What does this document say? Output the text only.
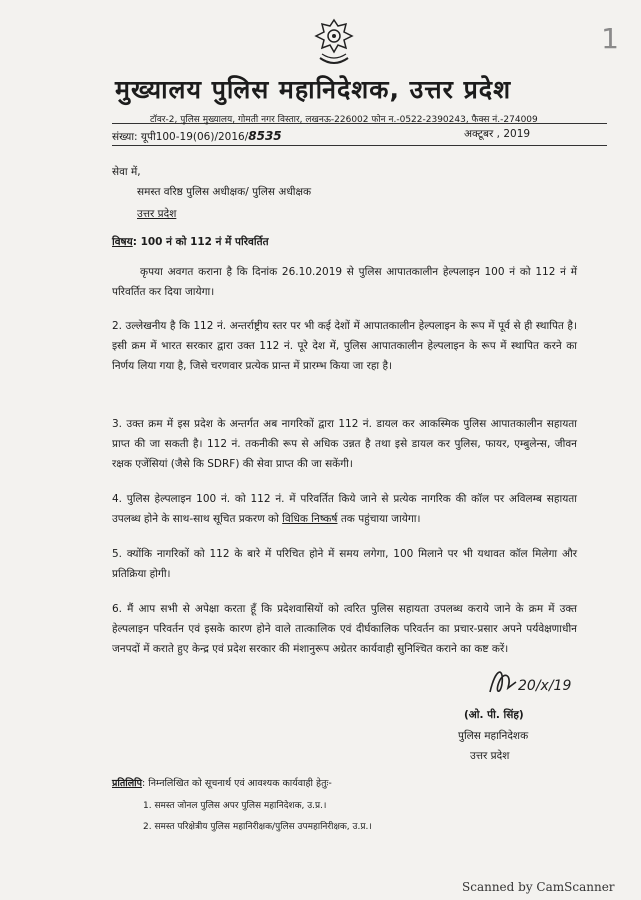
1
मुख्यालय पुलिस महानिदेशक, उत्तर प्रदेश
टॉवर-2, पुलिस मुख्यालय, गोमती नगर विस्तार, लखनऊ-226002 फोन न.-0522-2390243, फैक्स नं.-274009
संख्या: यूपी100-19(06)/2016/8535	अक्टूबर , 2019
सेवा में,
समस्त वरिष्ठ पुलिस अधीक्षक/ पुलिस अधीक्षक
उत्तर प्रदेश
विषय: 100 नं को 112 नं में परिवर्तित
कृपया अवगत कराना है कि दिनांक 26.10.2019 से पुलिस आपातकालीन हेल्पलाइन 100 नं को 112 नं में परिवर्तित कर दिया जायेगा।
2. उल्लेखनीय है कि 112 नं. अन्तर्राष्ट्रीय स्तर पर भी कई देशों में आपातकालीन हेल्पलाइन के रूप में पूर्व से ही स्थापित है। इसी क्रम में भारत सरकार द्वारा उक्त 112 नं. पूरे देश में, पुलिस आपातकालीन हेल्पलाइन के रूप में स्थापित करने का निर्णय लिया गया है, जिसे चरणवार प्रत्येक प्रान्त में प्रारम्भ किया जा रहा है।
3. उक्त क्रम में इस प्रदेश के अन्तर्गत अब नागरिकों द्वारा 112 नं. डायल कर आकस्मिक पुलिस आपातकालीन सहायता प्राप्त की जा सकती है। 112 नं. तकनीकी रूप से अधिक उन्नत है तथा इसे डायल कर पुलिस, फायर, एम्बुलेन्स, जीवन रक्षक एजेंसियां (जैसे कि SDRF) की सेवा प्राप्त की जा सकेंगी।
4. पुलिस हेल्पलाइन 100 नं. को 112 नं. में परिवर्तित किये जाने से प्रत्येक नागरिक की कॉल पर अविलम्ब सहायता उपलब्ध होने के साथ-साथ सूचित प्रकरण को विधिक निष्कर्ष तक पहुंचाया जायेगा।
5. क्योंकि नागरिकों को 112 के बारे में परिचित होने में समय लगेगा, 100 मिलाने पर भी यथावत कॉल मिलेगा और प्रतिक्रिया होगी।
6. मैं आप सभी से अपेक्षा करता हूँ कि प्रदेशवासियों को त्वरित पुलिस सहायता उपलब्ध कराये जाने के क्रम में उक्त हेल्पलाइन परिवर्तन एवं इसके कारण होने वाले तात्कालिक एवं दीर्घकालिक परिवर्तन का प्रचार-प्रसार अपने पर्यवेक्षणाधीन जनपदों में कराते हुए केन्द्र एवं प्रदेश सरकार की मंशानुरूप अग्रेतर कार्यवाही सुनिश्चित कराने का कष्ट करें।
20/x/19
(ओ. पी. सिंह)
पुलिस महानिदेशक
उत्तर प्रदेश
प्रतिलिपि: निम्नलिखित को सूचनार्थ एवं आवश्यक कार्यवाही हेतुः-
1. समस्त जोनल पुलिस अपर पुलिस महानिदेशक, उ.प्र.।
2. समस्त परिक्षेत्रीय पुलिस महानिरीक्षक/पुलिस उपमहानिरीक्षक, उ.प्र.।
Scanned by CamScanner
